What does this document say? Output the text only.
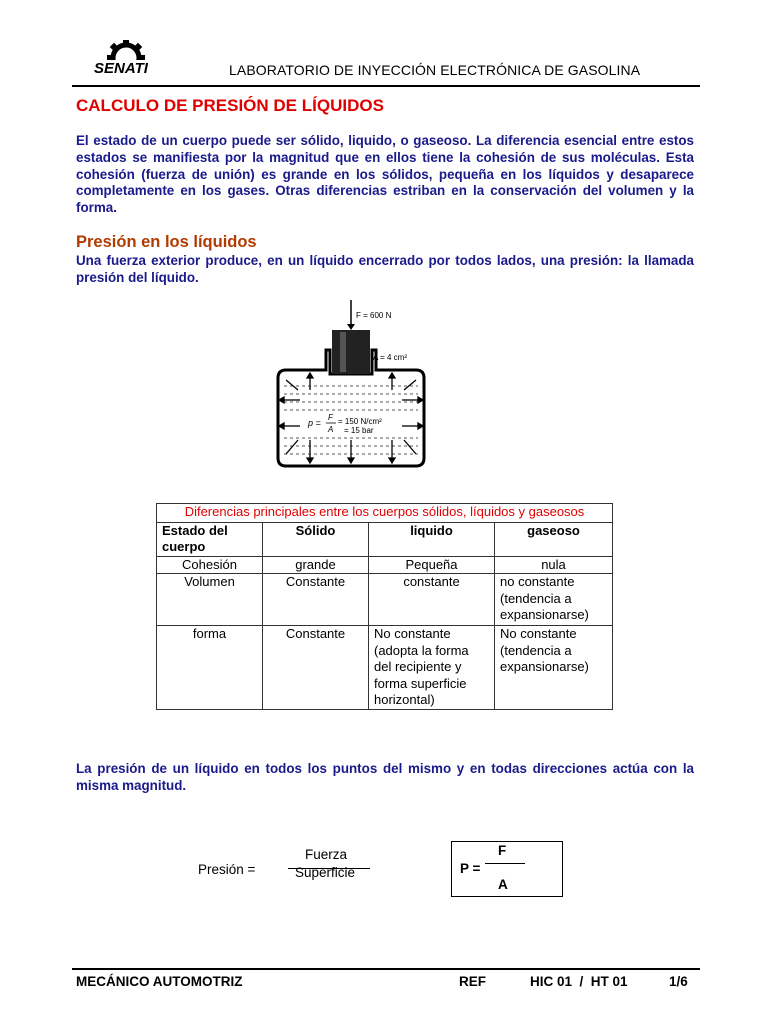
SENATI	LABORATORIO DE INYECCIÓN ELECTRÓNICA DE GASOLINA
CALCULO DE PRESIÓN DE LÍQUIDOS
El estado de un cuerpo puede ser sólido, liquido, o gaseoso. La diferencia esencial entre estos estados se manifiesta por la magnitud que en ellos tiene la cohesión de sus moléculas. Esta cohesión (fuerza de unión) es grande en los sólidos, pequeña en los líquidos y desaparece completamente en los gases. Otras diferencias estriban en la conservación del volumen y la forma.
Presión en los líquidos
Una fuerza exterior produce, en un líquido encerrado por todos lados, una presión: la llamada presión del líquido.
F = 600 N
A = 4 cm²
p =
F
A
= 150 N/cm²
= 15 bar
Diferencias principales entre los cuerpos sólidos, líquidos y gaseosos			
Estado del cuerpo	Sólido	liquido	gaseoso
Cohesión	grande	Pequeña	nula
Volumen	Constante	constante	no constante (tendencia a expansionarse)
forma	Constante	No constante (adopta la forma del recipiente y forma superficie horizontal)	No constante (tendencia a expansionarse)
La presión de un líquido en todos los puntos del mismo y en todas direcciones actúa con la misma magnitud.
Presión =
Fuerza
Superficie	P =
F
A
MECÁNICO AUTOMOTRIZ	REF	HIC 01  /  HT 01	1/6
